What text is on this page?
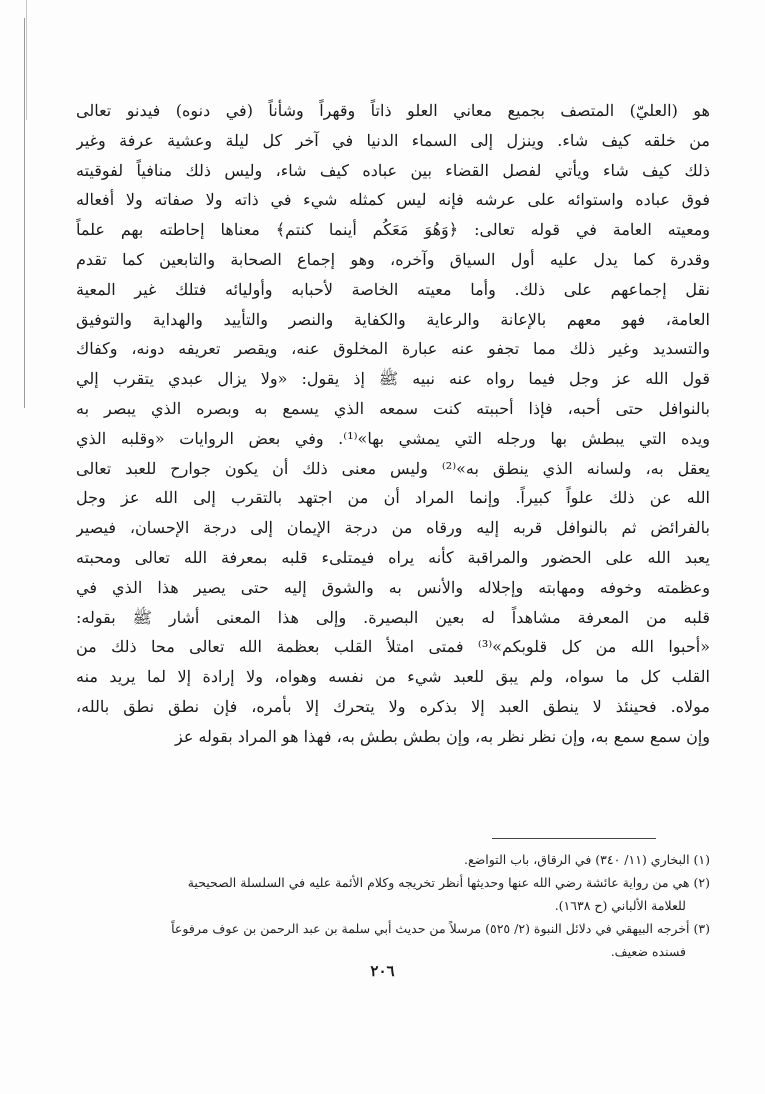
هو (العليّ) المتصف بجميع معاني العلو ذاتاً وقهراً وشأناً (في دنوه) فيدنو تعالى
من خلقه كيف شاء. وينزل إلى السماء الدنيا في آخر كل ليلة وعشية عرفة وغير
ذلك كيف شاء ويأتي لفصل القضاء بين عباده كيف شاء، وليس ذلك منافياً لفوقيته
فوق عباده واستوائه على عرشه فإنه ليس كمثله شيء في ذاته ولا صفاته ولا أفعاله
ومعيته العامة في قوله تعالى: ﴿وَهُوَ مَعَكُم أينما كنتم﴾ معناها إحاطته بهم علماً
وقدرة كما يدل عليه أول السياق وآخره، وهو إجماع الصحابة والتابعين كما تقدم
نقل إجماعهم على ذلك. وأما معيته الخاصة لأحبابه وأوليائه فتلك غير المعية
العامة، فهو معهم بالإعانة والرعاية والكفاية والنصر والتأييد والهداية والتوفيق
والتسديد وغير ذلك مما تجفو عنه عبارة المخلوق عنه، ويقصر تعريفه دونه، وكفاك
قول الله عز وجل فيما رواه عنه نبيه ﷺ إذ يقول: «ولا يزال عبدي يتقرب إلي
بالنوافل حتى أحبه، فإذا أحببته كنت سمعه الذي يسمع به وبصره الذي يبصر به
ويده التي يبطش بها ورجله التي يمشي بها»⁽¹⁾. وفي بعض الروايات «وقلبه الذي
يعقل به، ولسانه الذي ينطق به»⁽²⁾ وليس معنى ذلك أن يكون جوارح للعبد تعالى
الله عن ذلك علواً كبيراً. وإنما المراد أن من اجتهد بالتقرب إلى الله عز وجل
بالفرائض ثم بالنوافل قربه إليه ورقاه من درجة الإيمان إلى درجة الإحسان، فيصير
يعبد الله على الحضور والمراقبة كأنه يراه فيمتلىء قلبه بمعرفة الله تعالى ومحبته
وعظمته وخوفه ومهابته وإجلاله والأنس به والشوق إليه حتى يصير هذا الذي في
قلبه من المعرفة مشاهداً له بعين البصيرة. وإلى هذا المعنى أشار ﷺ بقوله:
«أحبوا الله من كل قلوبكم»⁽³⁾ فمتى امتلأ القلب بعظمة الله تعالى محا ذلك من
القلب كل ما سواه، ولم يبق للعبد شيء من نفسه وهواه، ولا إرادة إلا لما يريد منه
مولاه. فحينئذ لا ينطق العبد إلا بذكره ولا يتحرك إلا بأمره، فإن نطق نطق بالله،
وإن سمع سمع به، وإن نظر نظر به، وإن بطش بطش به، فهذا هو المراد بقوله عز
(١) البخاري (١١/ ٣٤٠) في الرقاق، باب التواضع.
(٢) هي من رواية عائشة رضي الله عنها وحديثها أنظر تخريجه وكلام الأئمة عليه في السلسلة الصحيحية
للعلامة الألباني (ح ١٦٣٨).
(٣) أخرجه البيهقي في دلائل النبوة (٢/ ٥٢٥) مرسلاً من حديث أبي سلمة بن عبد الرحمن بن عوف مرفوعاً
فسنده ضعيف.
٢٠٦
